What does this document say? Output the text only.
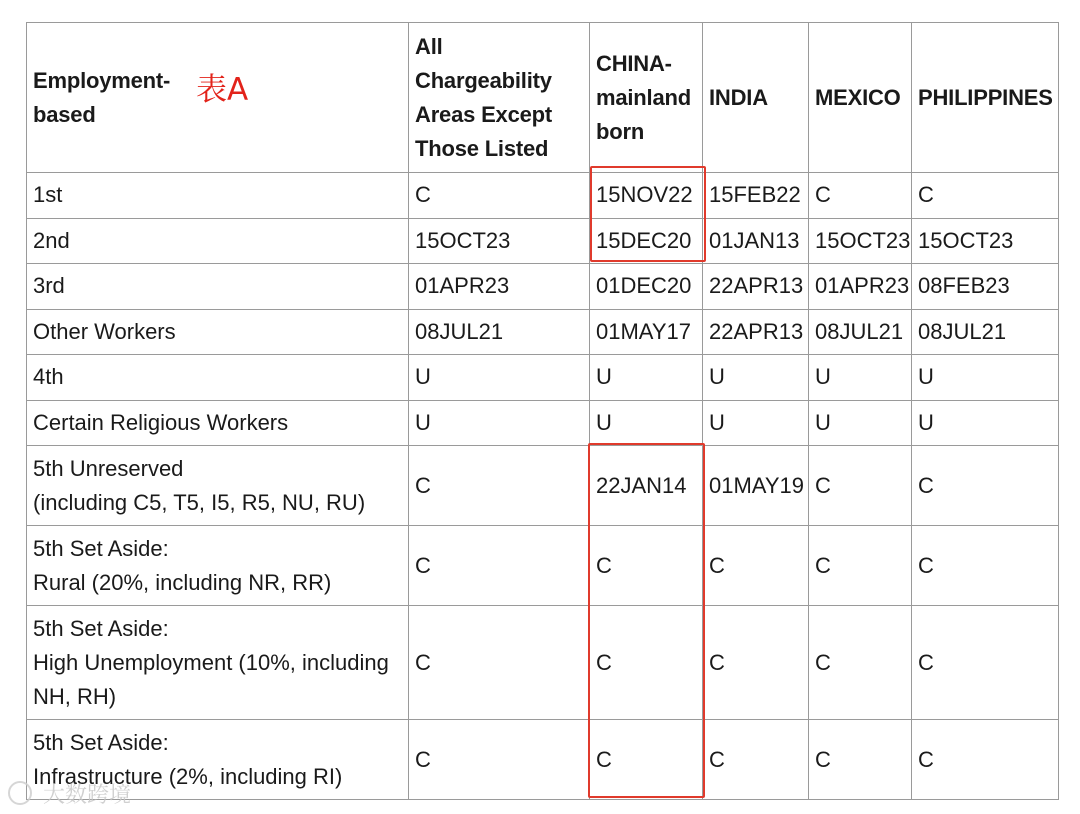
Employment-
based	All
Chargeability
Areas Except
Those Listed	CHINA-
mainland
born	INDIA	MEXICO	PHILIPPINES

1st	C	15NOV22	15FEB22	C	C

2nd	15OCT23	15DEC20	01JAN13	15OCT23	15OCT23

3rd	01APR23	01DEC20	22APR13	01APR23	08FEB23

Other Workers	08JUL21	01MAY17	22APR13	08JUL21	08JUL21

4th	U	U	U	U	U

Certain Religious Workers	U	U	U	U	U

5th Unreserved
(including C5, T5, I5, R5, NU, RU)	C	22JAN14	01MAY19	C	C

5th Set Aside:
Rural (20%, including NR, RR)	C	C	C	C	C

5th Set Aside:
High Unemployment (10%, including
NH, RH)	C	C	C	C	C

5th Set Aside:
Infrastructure (2%, including RI)	C	C	C	C	C
表A
大数跨境
